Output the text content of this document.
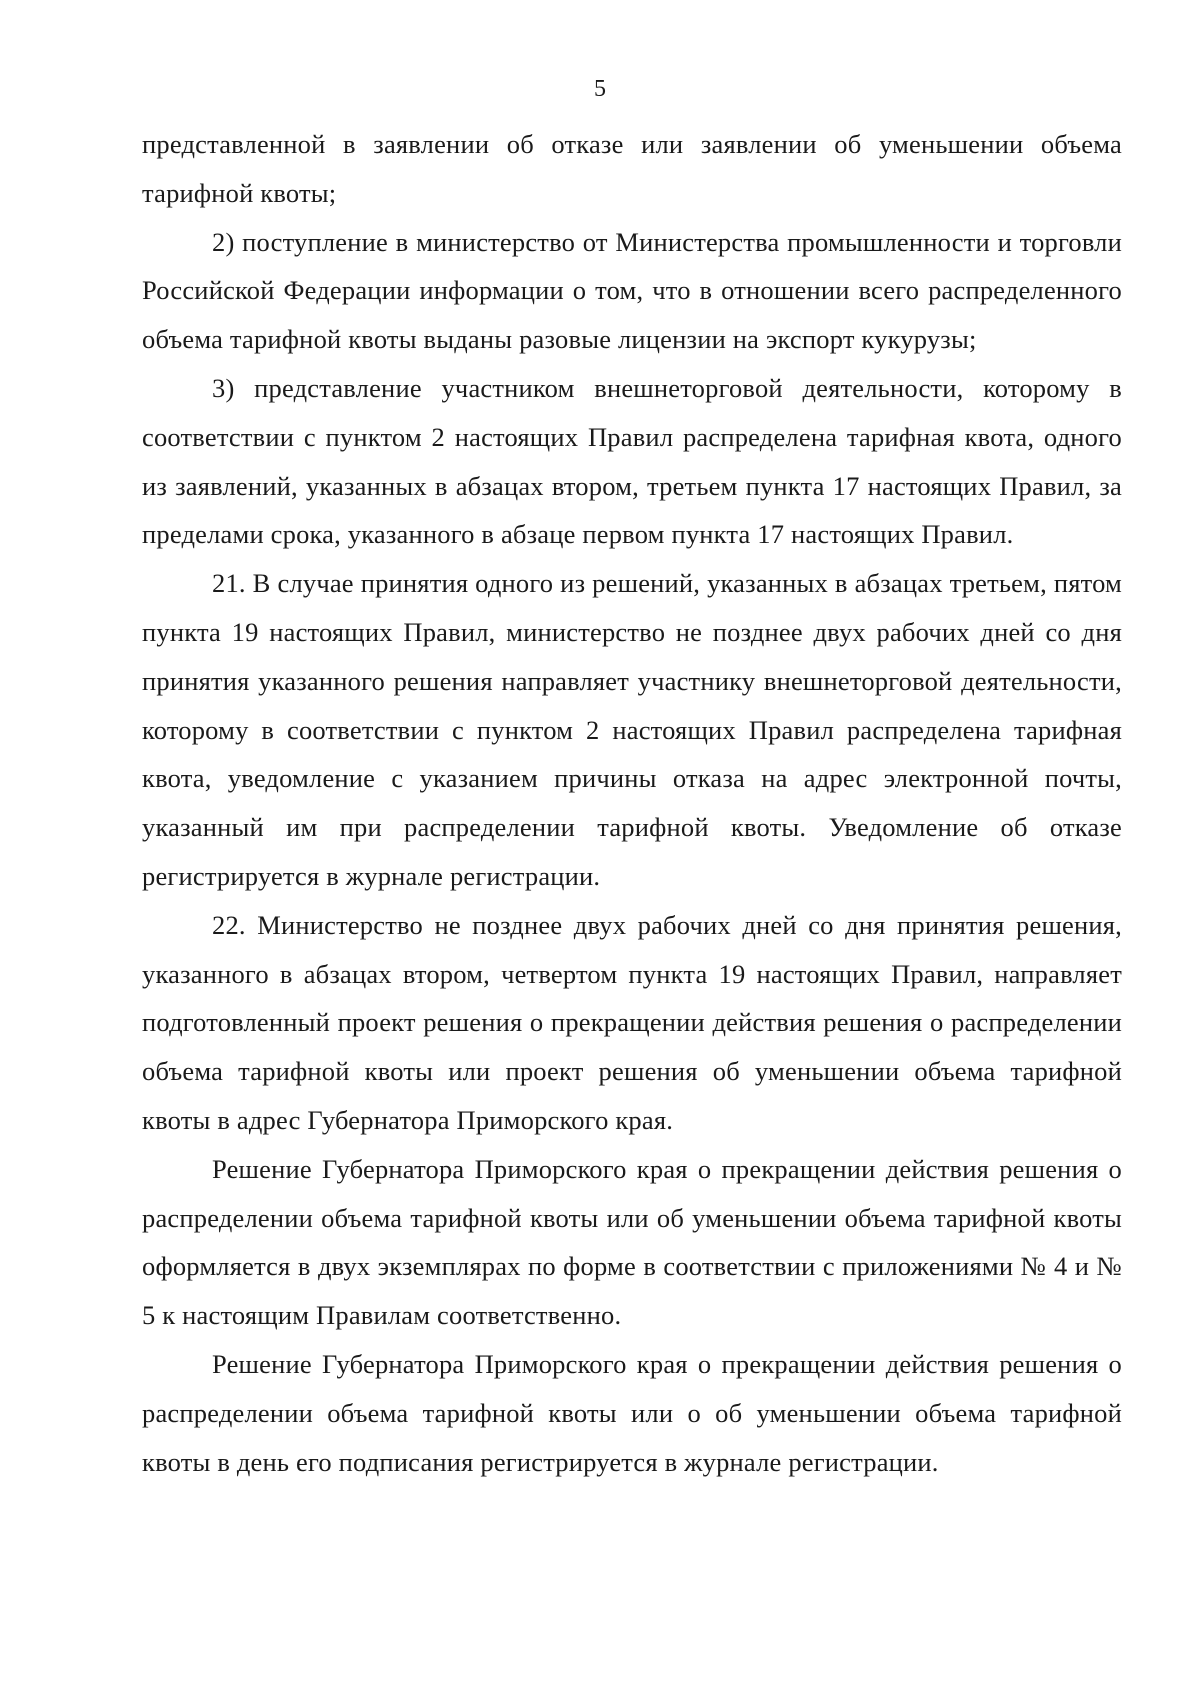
5

представленной в заявлении об отказе или заявлении об уменьшении объема тарифной квоты;

2) поступление в министерство от Министерства промышленности и торговли Российской Федерации информации о том, что в отношении всего распределенного объема тарифной квоты выданы разовые лицензии на экспорт кукурузы;

3) представление участником внешнеторговой деятельности, которому в соответствии с пунктом 2 настоящих Правил распределена тарифная квота, одного из заявлений, указанных в абзацах втором, третьем пункта 17 настоящих Правил, за пределами срока, указанного в абзаце первом пункта 17 настоящих Правил.

21. В случае принятия одного из решений, указанных в абзацах третьем, пятом пункта 19 настоящих Правил, министерство не позднее двух рабочих дней со дня принятия указанного решения направляет участнику внешнеторговой деятельности, которому в соответствии с пунктом 2 настоящих Правил распределена тарифная квота, уведомление с указанием причины отказа на адрес электронной почты, указанный им при распределении тарифной квоты. Уведомление об отказе регистрируется в журнале регистрации.

22. Министерство не позднее двух рабочих дней со дня принятия решения, указанного в абзацах втором, четвертом пункта 19 настоящих Правил, направляет подготовленный проект решения о прекращении действия решения о распределении объема тарифной квоты или проект решения об уменьшении объема тарифной квоты в адрес Губернатора Приморского края.

Решение Губернатора Приморского края о прекращении действия решения о распределении объема тарифной квоты или об уменьшении объема тарифной квоты оформляется в двух экземплярах по форме в соответствии с приложениями № 4 и № 5 к настоящим Правилам соответственно.

Решение Губернатора Приморского края о прекращении действия решения о распределении объема тарифной квоты или о об уменьшении объема тарифной квоты в день его подписания регистрируется в журнале регистрации.
